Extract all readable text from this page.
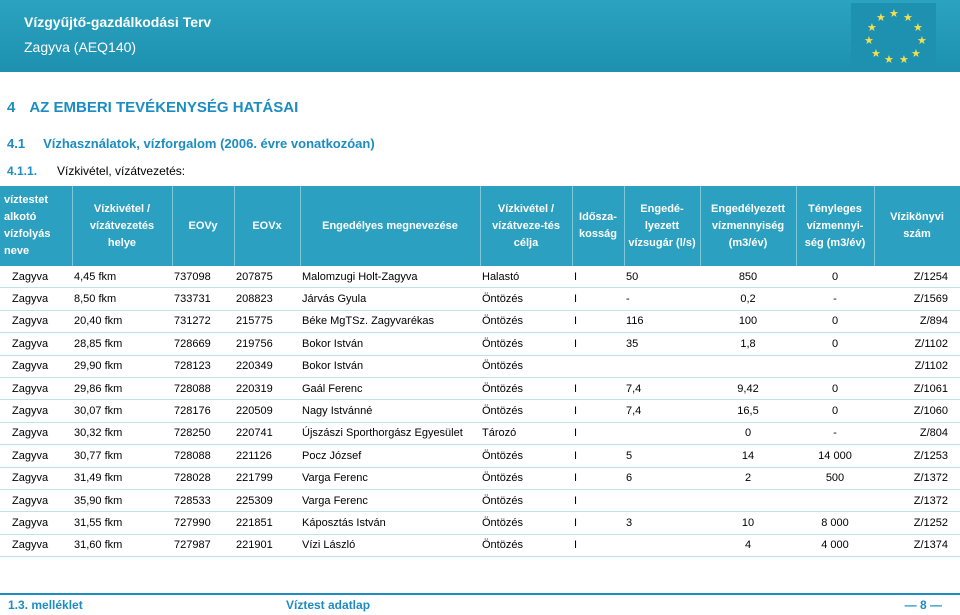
Vízgyűjtő-gazdálkodási Terv
Zagyva (AEQ140)
★ ★
★
★
★
★
★
★
★
★
★
4 AZ EMBERI TEVÉKENYSÉG HATÁSAI
4.1 Vízhasználatok, vízforgalom (2006. évre vonatkozóan)
4.1.1. Vízkivétel, vízátvezetés:
víztestet alkotó vízfolyás neve	Vízkivétel / vízátvezetés helye	EOVy	EOVx	Engedélyes megnevezése	Vízkivétel / vízátveze-tés célja	Idősza-kosság	Engedé-lyezett vízsugár (l/s)	Engedélyezett vízmennyiség (m3/év)	Tényleges vízmennyi-ség (m3/év)	Vízikönyvi szám
Zagyva	4,45 fkm	737098	207875	Malomzugi Holt-Zagyva	Halastó	I	50	850	0	Z/1254
Zagyva	8,50 fkm	733731	208823	Járvás Gyula	Öntözés	I	-	0,2	-	Z/1569
Zagyva	20,40 fkm	731272	215775	Béke MgTSz. Zagyvarékas	Öntözés	I	116	100	0	Z/894
Zagyva	28,85 fkm	728669	219756	Bokor István	Öntözés	I	35	1,8	0	Z/1102
Zagyva	29,90 fkm	728123	220349	Bokor István	Öntözés					Z/1102
Zagyva	29,86 fkm	728088	220319	Gaál Ferenc	Öntözés	I	7,4	9,42	0	Z/1061
Zagyva	30,07 fkm	728176	220509	Nagy Istvánné	Öntözés	I	7,4	16,5	0	Z/1060
Zagyva	30,32 fkm	728250	220741	Újszászi Sporthorgász Egyesület	Tározó	I		0	-	Z/804
Zagyva	30,77 fkm	728088	221126	Pocz József	Öntözés	I	5	14	14 000	Z/1253
Zagyva	31,49 fkm	728028	221799	Varga Ferenc	Öntözés	I	6	2	500	Z/1372
Zagyva	35,90 fkm	728533	225309	Varga Ferenc	Öntözés	I				Z/1372
Zagyva	31,55 fkm	727990	221851	Káposztás István	Öntözés	I	3	10	8 000	Z/1252
Zagyva	31,60 fkm	727987	221901	Vízi László	Öntözés	I		4	4 000	Z/1374
1.3. melléklet	Víztest adatlap	— 8 —
